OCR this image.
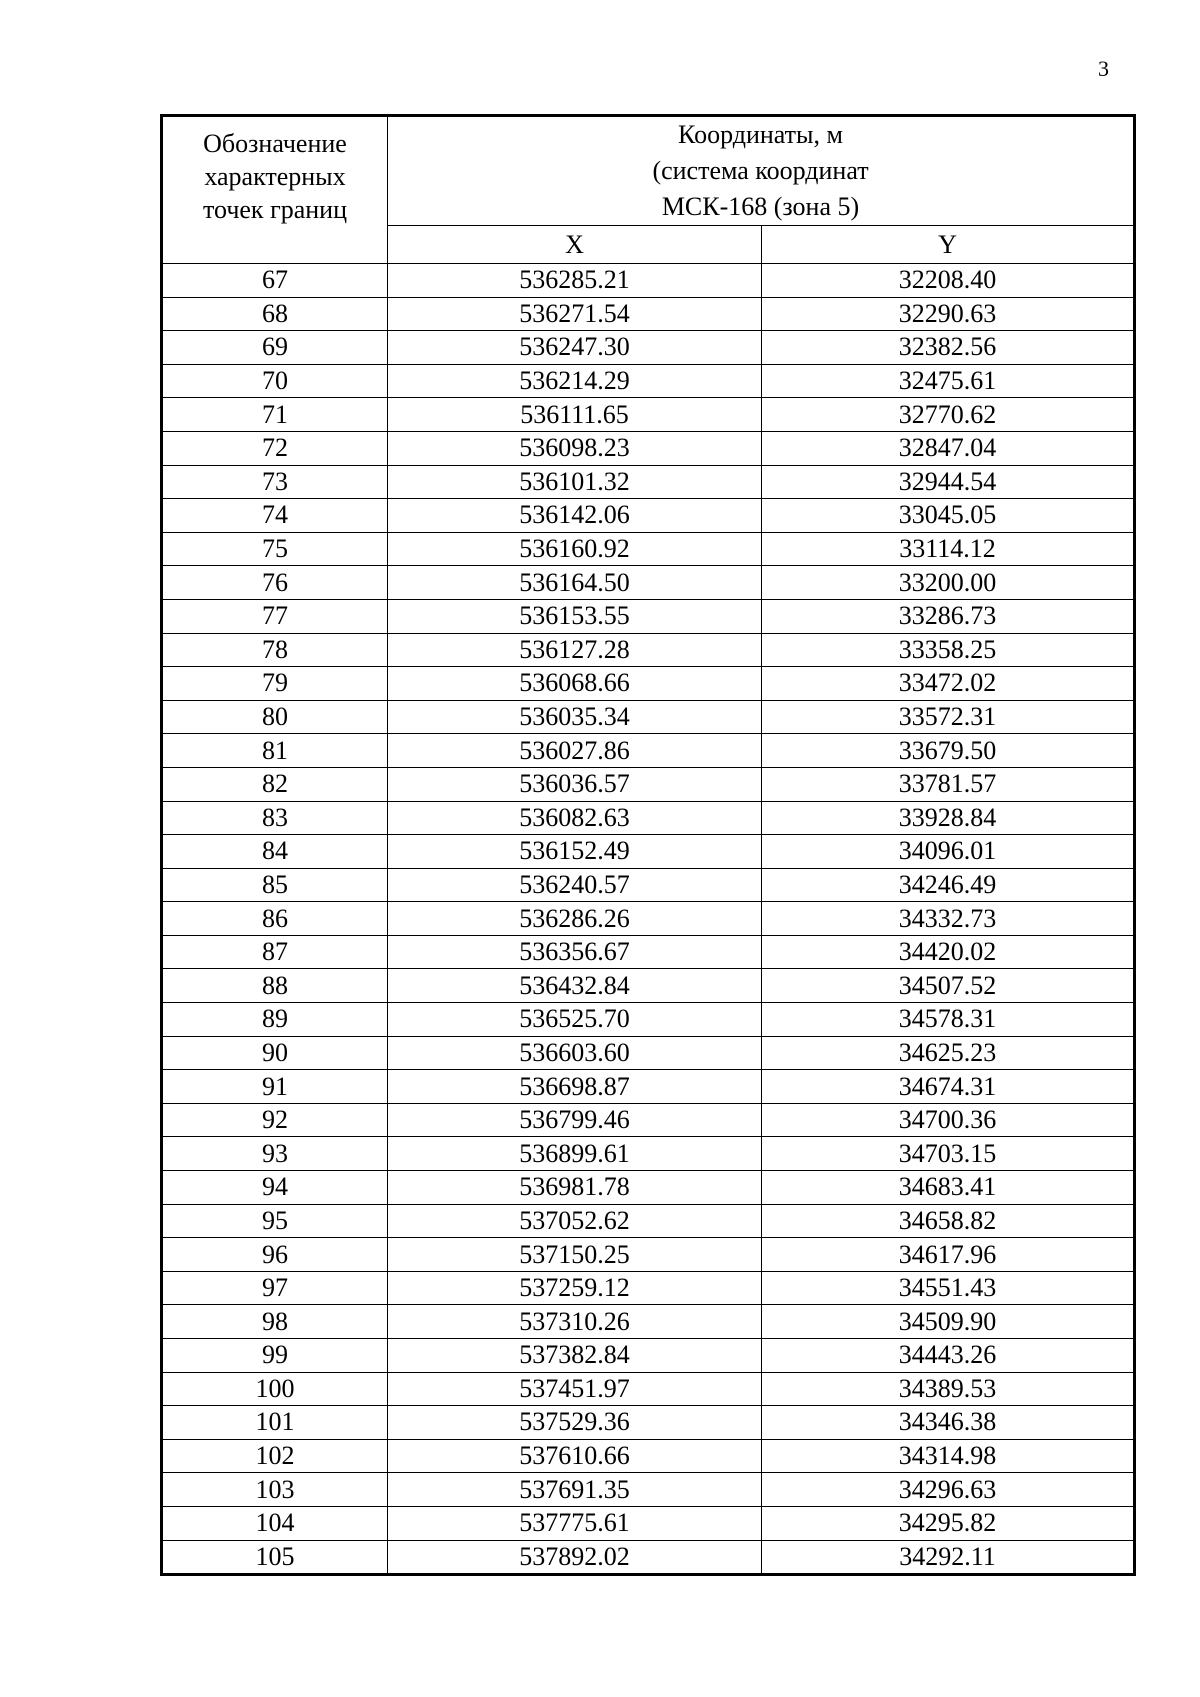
3
Обозначение
характерных
точек границ	Координаты, м
(система координат
МСК-168 (зона 5)	

	X	Y
67	536285.21	32208.40
68	536271.54	32290.63
69	536247.30	32382.56
70	536214.29	32475.61
71	536111.65	32770.62
72	536098.23	32847.04
73	536101.32	32944.54
74	536142.06	33045.05
75	536160.92	33114.12
76	536164.50	33200.00
77	536153.55	33286.73
78	536127.28	33358.25
79	536068.66	33472.02
80	536035.34	33572.31
81	536027.86	33679.50
82	536036.57	33781.57
83	536082.63	33928.84
84	536152.49	34096.01
85	536240.57	34246.49
86	536286.26	34332.73
87	536356.67	34420.02
88	536432.84	34507.52
89	536525.70	34578.31
90	536603.60	34625.23
91	536698.87	34674.31
92	536799.46	34700.36
93	536899.61	34703.15
94	536981.78	34683.41
95	537052.62	34658.82
96	537150.25	34617.96
97	537259.12	34551.43
98	537310.26	34509.90
99	537382.84	34443.26
100	537451.97	34389.53
101	537529.36	34346.38
102	537610.66	34314.98
103	537691.35	34296.63
104	537775.61	34295.82
105	537892.02	34292.11
